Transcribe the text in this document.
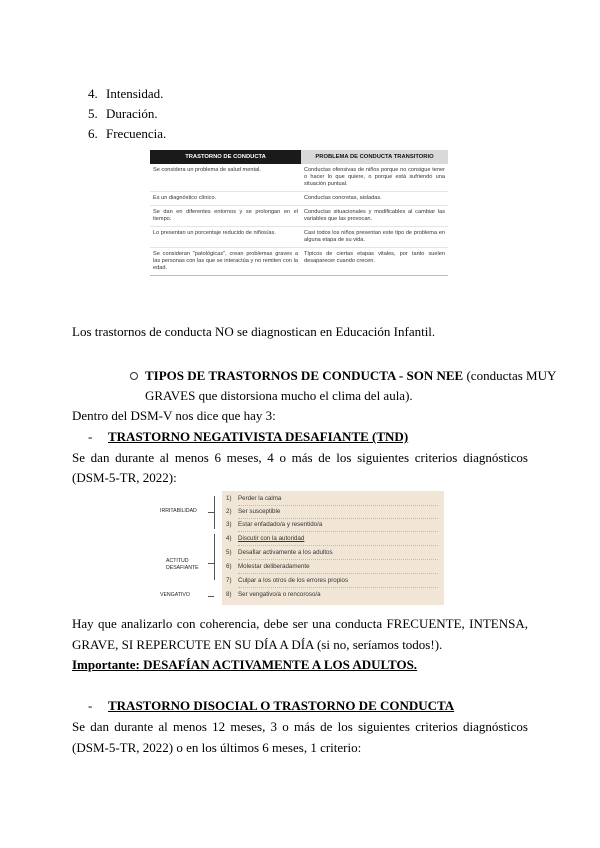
4. Intensidad.
5. Duración.
6. Frecuencia.
TRASTORNO DE CONDUCTA	PROBLEMA DE CONDUCTA TRANSITORIO
Se considera un problema de salud mental.	Conductas ofensivas de niños porque no consigue tener o hacer lo que quiere, o porque está sufriendo una situación puntual.
Es un diagnóstico clínico.	Conductas concretas, aisladas.
Se dan en diferentes entornos y se prolongan en el tiempo.	Conductas situacionales y modificables al cambiar las variables que las provocan.
Lo presentan un porcentaje reducido de niños/as.	Casi todos los niños presentan este tipo de problema en alguna etapa de su vida.
Se consideran "patológicas", crean problemas graves a las personas con las que se interactúa y no remiten con la edad.	Típicos de ciertas etapas vitales, por tanto suelen desaparecer cuando crecen.
Los trastornos de conducta NO se diagnostican en Educación Infantil.
TIPOS DE TRASTORNOS DE CONDUCTA - SON NEE (conductas MUY
GRAVES que distorsiona mucho el clima del aula).
Dentro del DSM-V nos dice que hay 3:
- TRASTORNO NEGATIVISTA DESAFIANTE (TND)
Se dan durante al menos 6 meses, 4 o más de los siguientes criterios diagnósticos
(DSM-5-TR, 2022):
IRRITABILIDAD
ACTITUD
DESAFIANTE
VENGATIVO
1) Perder la calma
2) Ser susceptible
3) Estar enfadado/a y resentido/a
4) Discutir con la autoridad
5) Desafiar activamente a los adultos
6) Molestar deliberadamente
7) Culpar a los otros de los errores propios
8) Ser vengativo/a o rencoroso/a
Hay que analizarlo con coherencia, debe ser una conducta FRECUENTE, INTENSA,
GRAVE, SI REPERCUTE EN SU DÍA A DÍA (si no, seríamos todos!).
Importante: DESAFÍAN ACTIVAMENTE A LOS ADULTOS.
- TRASTORNO DISOCIAL O TRASTORNO DE CONDUCTA
Se dan durante al menos 12 meses, 3 o más de los siguientes criterios diagnósticos
(DSM-5-TR, 2022) o en los últimos 6 meses, 1 criterio:
